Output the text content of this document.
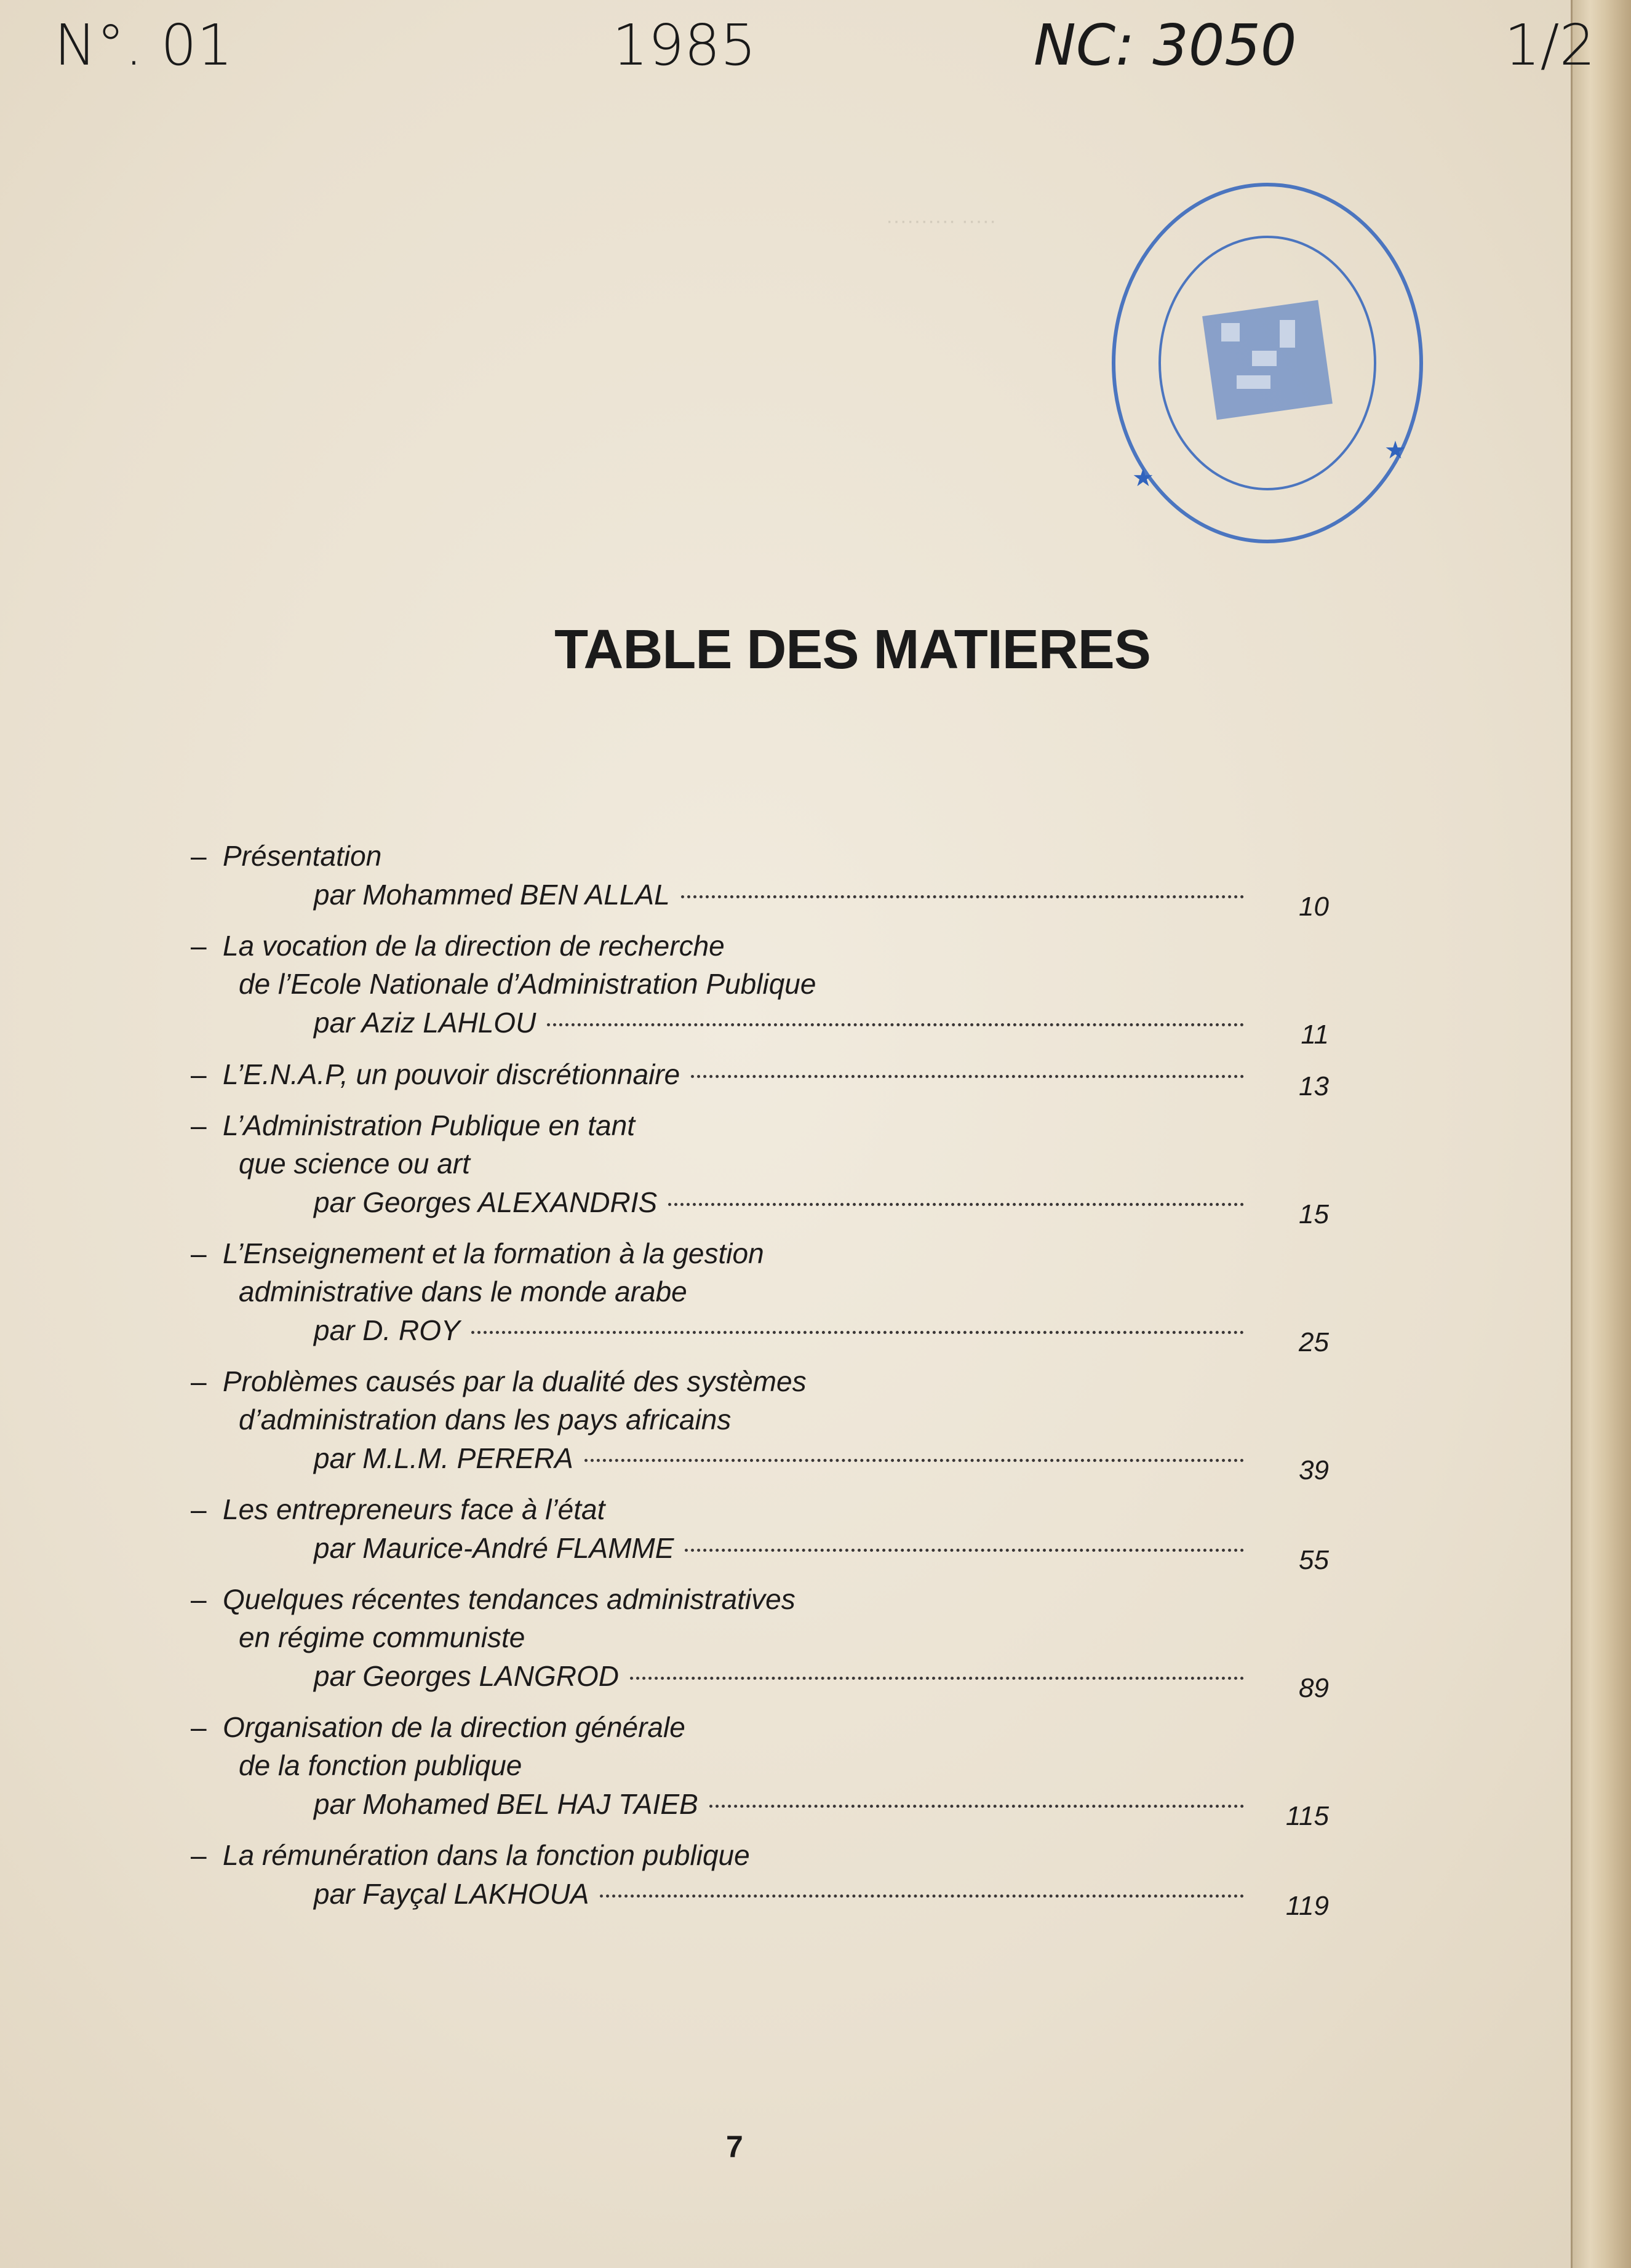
·········· ·····
N°. 01	1985	NC: 3050	1/2
★
★
TABLE DES MATIERES
– Présentation
par Mohammed BEN ALLAL	10
– La vocation de la direction de recherche
de l’Ecole Nationale d’Administration Publique
par Aziz LAHLOU	11
– L’E.N.A.P, un pouvoir discrétionnaire	13
– L’Administration Publique en tant
que science ou art
par Georges ALEXANDRIS	15
– L’Enseignement et la formation à la gestion
administrative dans le monde arabe
par D. ROY	25
– Problèmes causés par la dualité des systèmes
d’administration dans les pays africains
par M.L.M. PERERA	39
– Les entrepreneurs face à l’état
par Maurice-André FLAMME	55
– Quelques récentes tendances administratives
en régime communiste
par Georges LANGROD	89
– Organisation de la direction générale
de la fonction publique
par Mohamed BEL HAJ TAIEB	115
– La rémunération dans la fonction publique
par Fayçal LAKHOUA	119
7
